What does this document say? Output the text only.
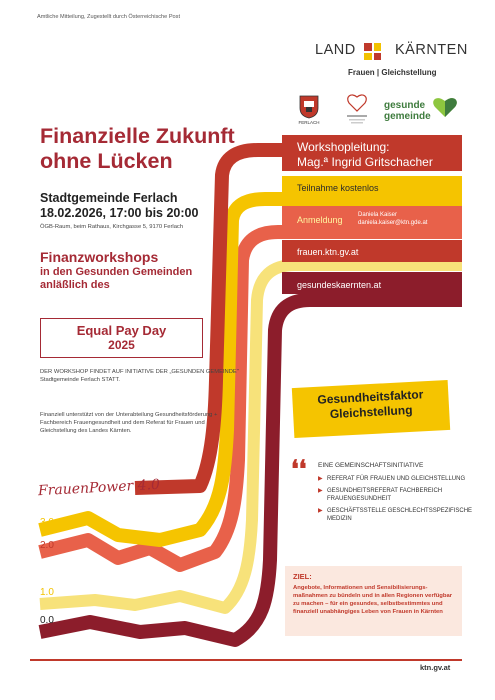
Amtliche Mitteilung, Zugestellt durch Österreichische Post
LAND	KÄRNTEN
Frauen | Gleichstellung
FERLACH
gesunde
gemeinde
Workshopleitung:
Mag.ª Ingrid Gritschacher
Teilnahme kostenlos
Anmeldung	Daniela Kaiser
daniela.kaiser@ktn.gde.at
frauen.ktn.gv.at
gesundeskaernten.at
Finanzielle Zukunft ohne Lücken
Stadtgemeinde Ferlach
18.02.2026, 17:00 bis 20:00
ÖGB-Raum, beim Rathaus, Kirchgasse 5, 9170 Ferlach
Finanzworkshops
in den Gesunden Gemeinden
anläßlich des
Equal Pay Day
2025
DER WORKSHOP FINDET AUF INITIATIVE DER „GESUNDEN GEMEINDE" Stadtgemeinde Ferlach STATT.
Finanziell unterstützt von der Unterabteilung Gesundheitsförderung + Fachbereich Frauengesundheit und dem Referat für Frauen und Gleichstellung des Landes Kärnten.
FrauenPower 4.0
3.0
2.0
1.0
0.0
Gesundheitsfaktor
Gleichstellung
❛❛ EINE GEMEINSCHAFTSINITIATIVE
▶ REFERAT FÜR FRAUEN UND GLEICHSTELLUNG
▶ GESUNDHEITSREFERAT FACHBEREICH FRAUENGESUNDHEIT
▶ GESCHÄFTSSTELLE GESCHLECHTSSPEZIFISCHE MEDIZIN
ZIEL:
Angebote, Informationen und Sensibilisierungs-maßnahmen zu bündeln und in allen Regionen verfügbar zu machen – für ein gesundes, selbstbestimmtes und finanziell unabhängiges Leben von Frauen in Kärnten
ktn.gv.at
